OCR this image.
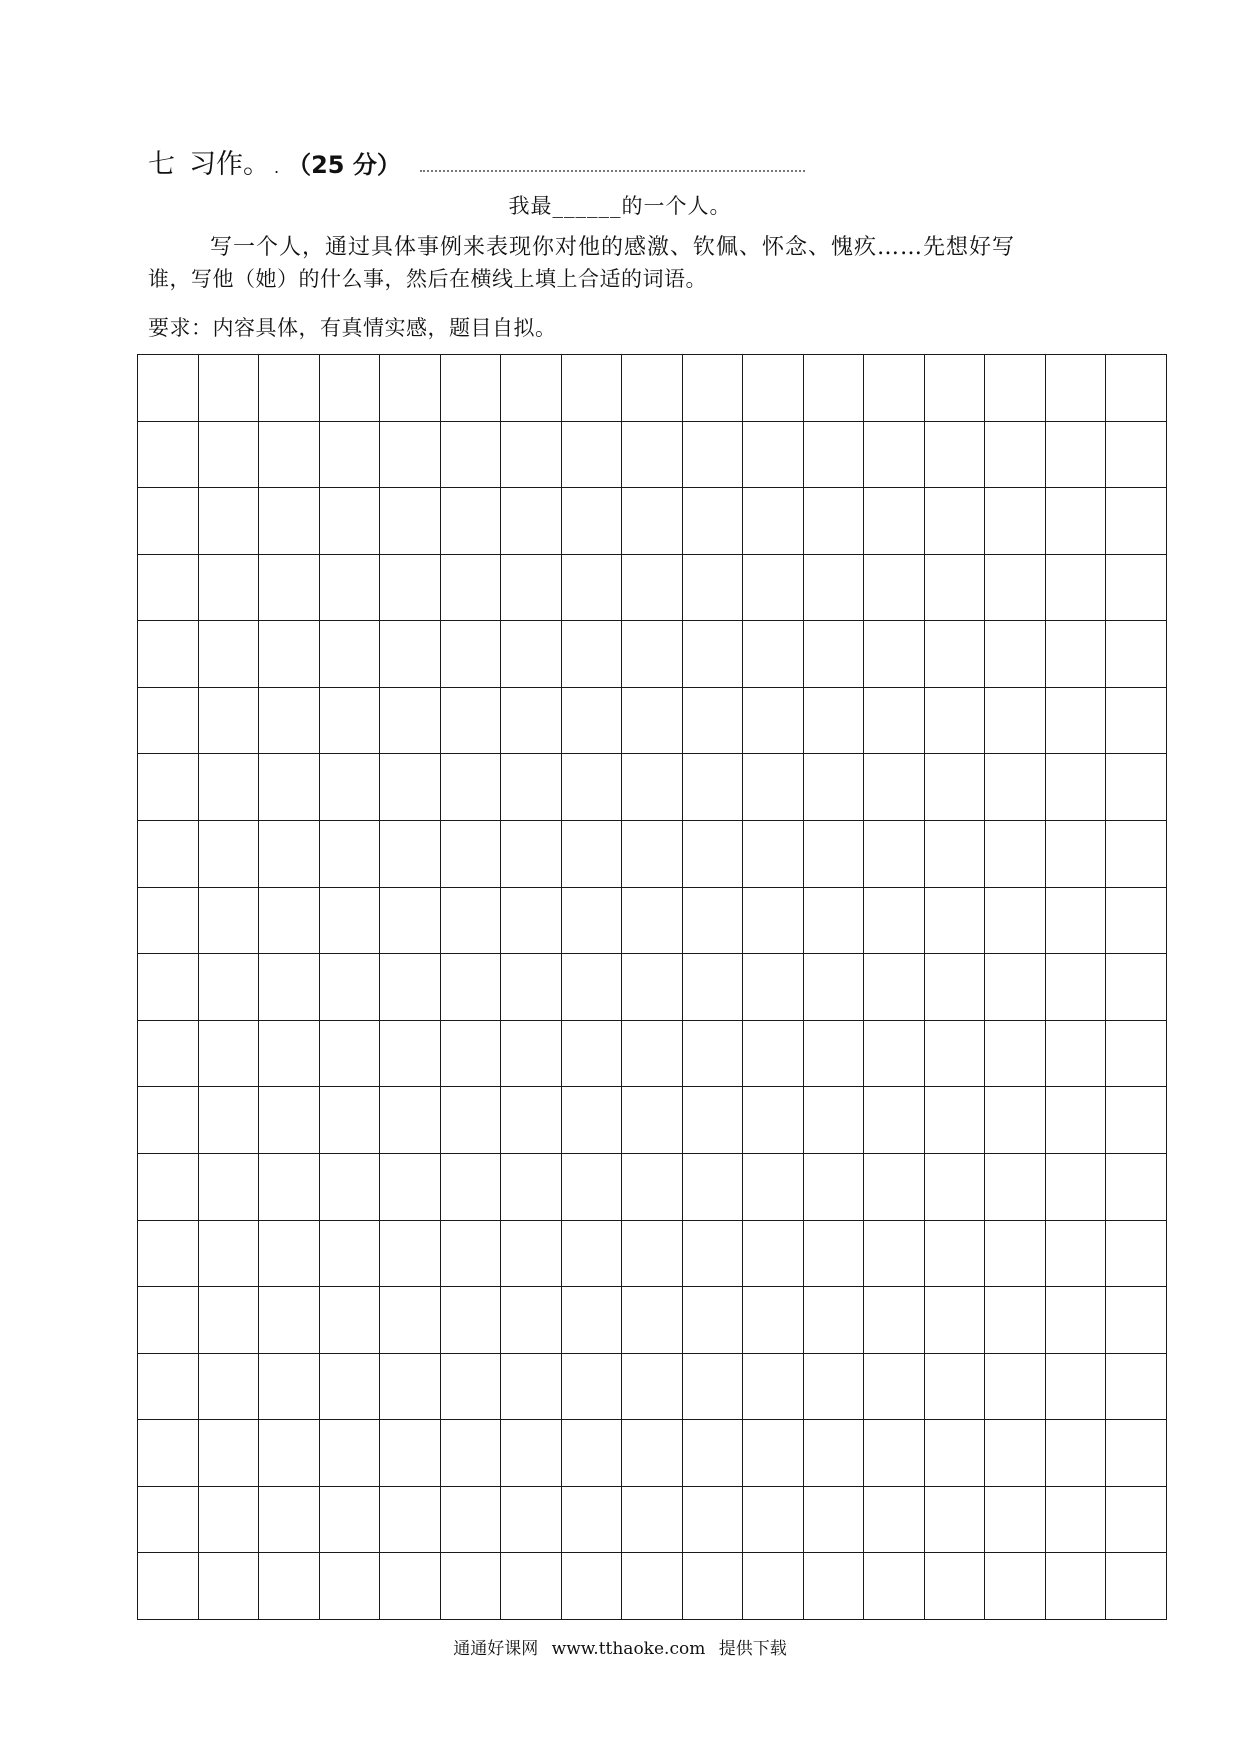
七 习作。 . （25 分）
我最______的一个人。
写一个人，通过具体事例来表现你对他的感激、钦佩、怀念、愧疚……先想好写
谁，写他（她）的什么事，然后在横线上填上合适的词语。
要求：内容具体，有真情实感，题目自拟。
通通好课网 www.tthaoke.com 提供下载
